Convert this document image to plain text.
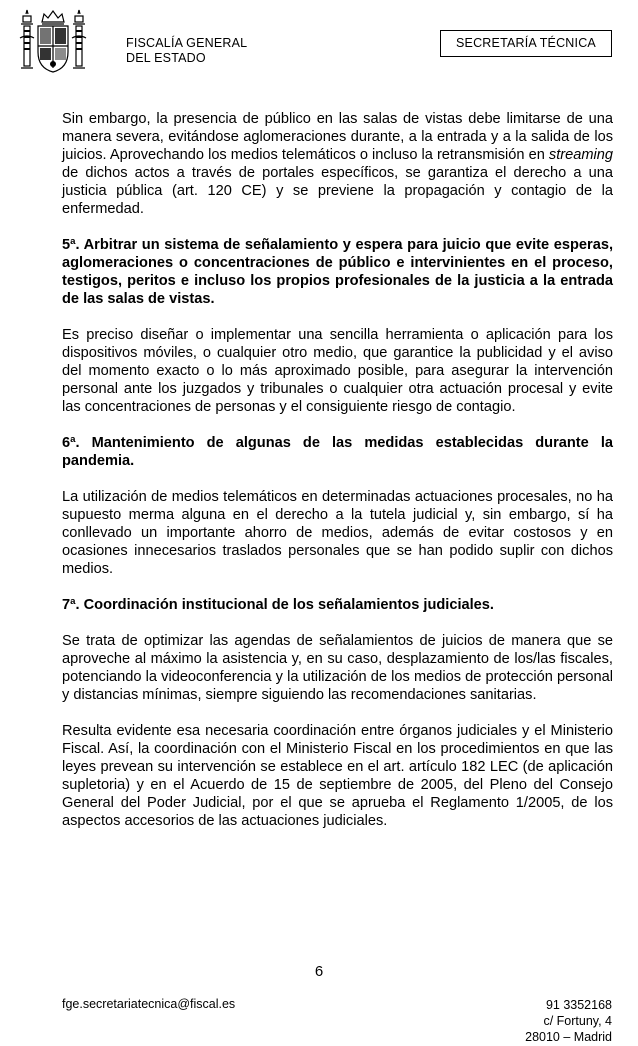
FISCALÍA GENERAL
DEL ESTADO
SECRETARÍA TÉCNICA

Sin embargo, la presencia de público en las salas de vistas debe limitarse de una manera severa, evitándose aglomeraciones durante, a la entrada y a la salida de los juicios. Aprovechando los medios telemáticos o incluso la retransmisión en streaming de dichos actos a través de portales específicos, se garantiza el derecho a una justicia pública (art. 120 CE) y se previene la propagación y contagio de la enfermedad.

5ª. Arbitrar un sistema de señalamiento y espera para juicio que evite esperas, aglomeraciones o concentraciones de público e intervinientes en el proceso, testigos, peritos e incluso los propios profesionales de la justicia a la entrada de las salas de vistas.

Es preciso diseñar o implementar una sencilla herramienta o aplicación para los dispositivos móviles, o cualquier otro medio, que garantice la publicidad y el aviso del momento exacto o lo más aproximado posible, para asegurar la intervención personal ante los juzgados y tribunales o cualquier otra actuación procesal y evite las concentraciones de personas y el consiguiente riesgo de contagio.

6ª. Mantenimiento de algunas de las medidas establecidas durante la pandemia.

La utilización de medios telemáticos en determinadas actuaciones procesales, no ha supuesto merma alguna en el derecho a la tutela judicial y, sin embargo, sí ha conllevado un importante ahorro de medios, además de evitar costosos y en ocasiones innecesarios traslados personales que se han podido suplir con dichos medios.

7ª. Coordinación institucional de los señalamientos judiciales.

Se trata de optimizar las agendas de señalamientos de juicios de manera que se aproveche al máximo la asistencia y, en su caso, desplazamiento de los/las fiscales, potenciando la videoconferencia y la utilización de los medios de protección personal y distancias mínimas, siempre siguiendo las recomendaciones sanitarias.

Resulta evidente esa necesaria coordinación entre órganos judiciales y el Ministerio Fiscal. Así, la coordinación con el Ministerio Fiscal en los procedimientos en que las leyes prevean su intervención se establece en el art. artículo 182 LEC (de aplicación supletoria) y en el Acuerdo de 15 de septiembre de 2005, del Pleno del Consejo General del Poder Judicial, por el que se aprueba el Reglamento 1/2005, de los aspectos accesorios de las actuaciones judiciales.

6
fge.secretariatecnica@fiscal.es	91 3352168
c/ Fortuny, 4
28010 – Madrid
